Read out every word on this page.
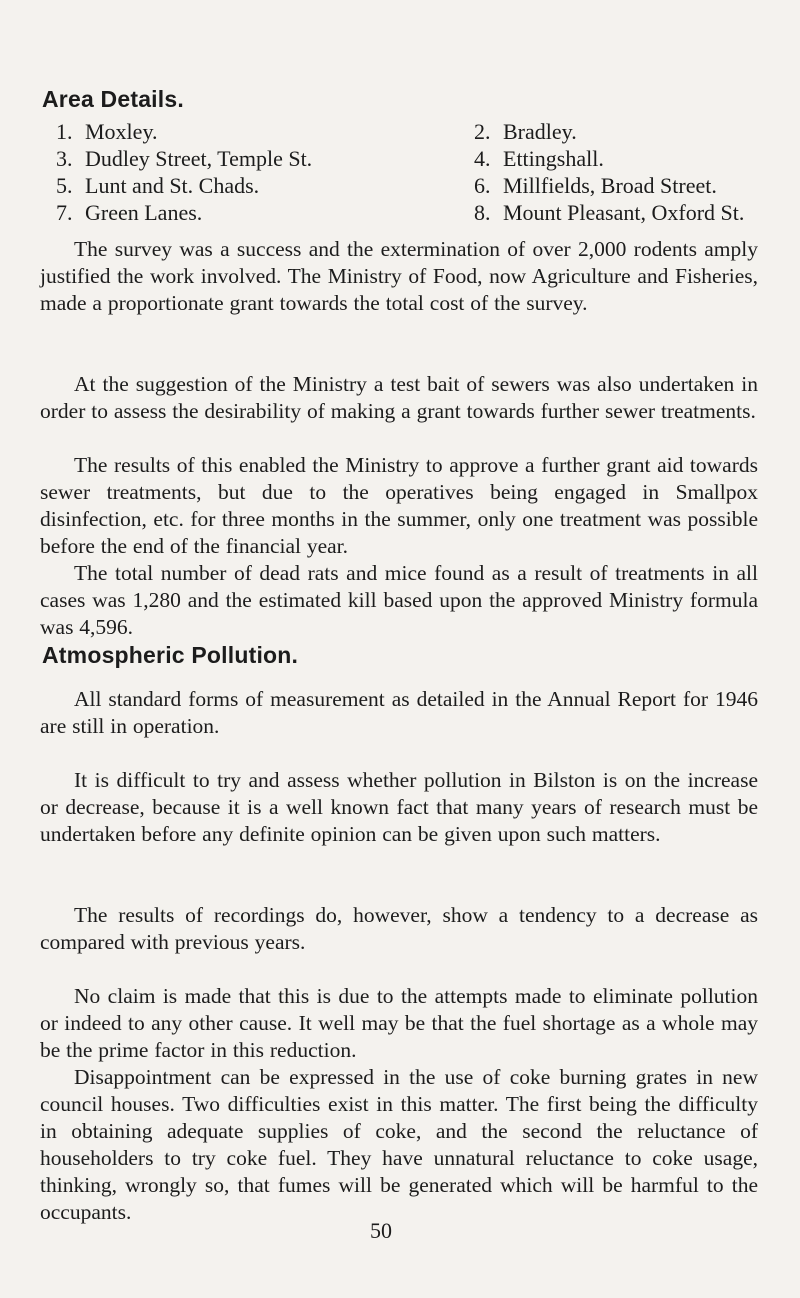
Area Details.
1. Moxley.	2. Bradley.
3. Dudley Street, Temple St.	4. Ettingshall.
5. Lunt and St. Chads.	6. Millfields, Broad Street.
7. Green Lanes.	8. Mount Pleasant, Oxford St.

The survey was a success and the extermination of over 2,000 rodents amply justified the work involved. The Ministry of Food, now Agriculture and Fisheries, made a proportionate grant towards the total cost of the survey.

At the suggestion of the Ministry a test bait of sewers was also undertaken in order to assess the desirability of making a grant towards further sewer treatments.

The results of this enabled the Ministry to approve a further grant aid towards sewer treatments, but due to the operatives being engaged in Smallpox disinfection, etc. for three months in the summer, only one treatment was possible before the end of the financial year.

The total number of dead rats and mice found as a result of treatments in all cases was 1,280 and the estimated kill based upon the approved Ministry formula was 4,596.

Atmospheric Pollution.

All standard forms of measurement as detailed in the Annual Report for 1946 are still in operation.

It is difficult to try and assess whether pollution in Bilston is on the increase or decrease, because it is a well known fact that many years of research must be undertaken before any definite opinion can be given upon such matters.

The results of recordings do, however, show a tendency to a decrease as compared with previous years.

No claim is made that this is due to the attempts made to eliminate pollution or indeed to any other cause. It well may be that the fuel shortage as a whole may be the prime factor in this reduction.

Disappointment can be expressed in the use of coke burning grates in new council houses. Two difficulties exist in this matter. The first being the difficulty in obtaining adequate supplies of coke, and the second the reluctance of householders to try coke fuel. They have unnatural reluctance to coke usage, thinking, wrongly so, that fumes will be generated which will be harmful to the occupants.

50
